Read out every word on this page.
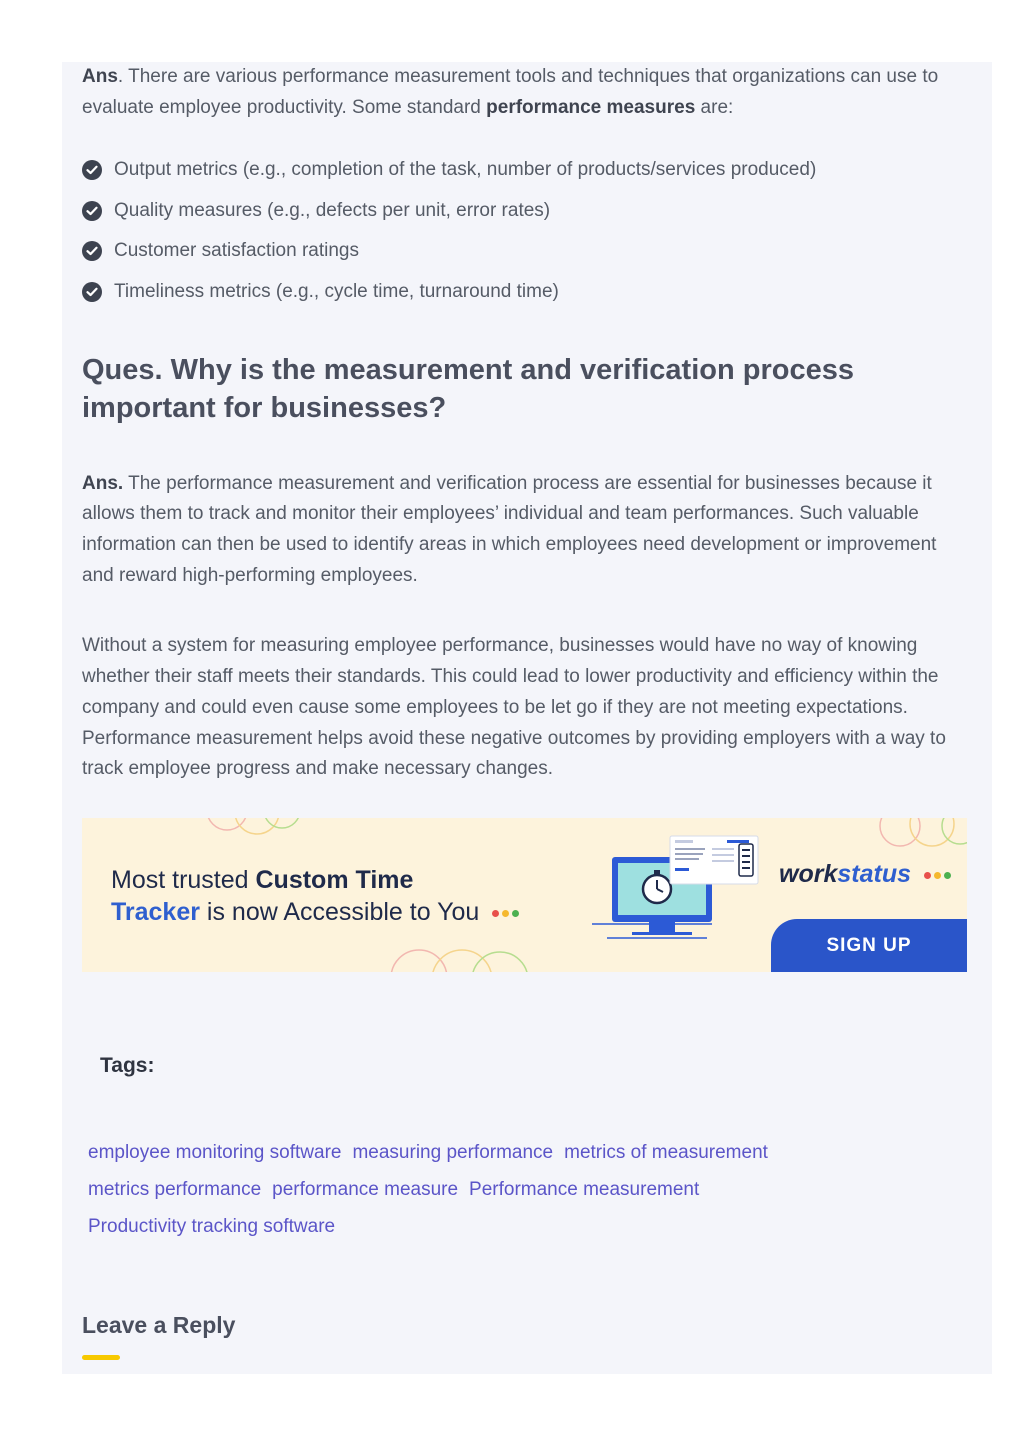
Ans. There are various performance measurement tools and techniques that organizations can use to evaluate employee productivity. Some standard performance measures are:

Output metrics (e.g., completion of the task, number of products/services produced)
Quality measures (e.g., defects per unit, error rates)
Customer satisfaction ratings
Timeliness metrics (e.g., cycle time, turnaround time)
Ques. Why is the measurement and verification process
important for businesses?

Ans. The performance measurement and verification process are essential for businesses because it allows them to track and monitor their employees’ individual and team performances. Such valuable information can then be used to identify areas in which employees need development or improvement and reward high-performing employees.

Without a system for measuring employee performance, businesses would have no way of knowing whether their staff meets their standards. This could lead to lower productivity and efficiency within the company and could even cause some employees to be let go if they are not meeting expectations. Performance measurement helps avoid these negative outcomes by providing employers with a way to track employee progress and make necessary changes.

Most trusted Custom Time
Tracker is now Accessible to You
workstatus
SIGN UP
Tags:
employee monitoring software measuring performance metrics of measurement
metrics performance performance measure Performance measurement
Productivity tracking software
Leave a Reply
